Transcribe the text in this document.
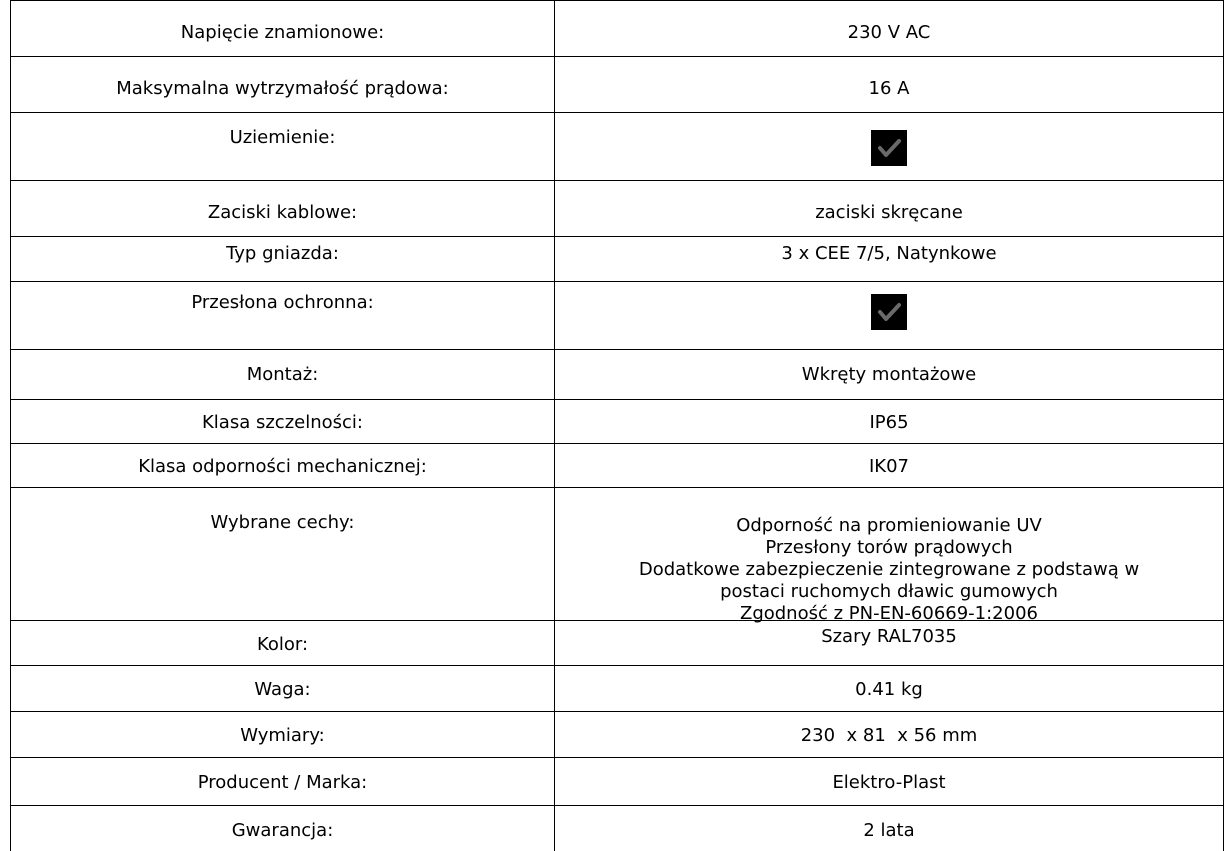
Napięcie znamionowe:	230 V AC
Maksymalna wytrzymałość prądowa:	16 A
Uziemienie:
Zaciski kablowe:	zaciski skręcane
Typ gniazda:	3 x CEE 7/5, Natynkowe
Przesłona ochronna:
Montaż:	Wkręty montażowe
Klasa szczelności:	IP65
Klasa odporności mechanicznej:	IK07
Wybrane cechy:	Odporność na promieniowanie UV
Przesłony torów prądowych
Dodatkowe zabezpieczenie zintegrowane z podstawą w
postaci ruchomych dławic gumowych
Zgodność z PN-EN-60669-1:2006
Kolor:	Szary RAL7035
Waga:	0.41 kg
Wymiary:	230  x 81  x 56 mm
Producent / Marka:	Elektro-Plast
Gwarancja:	2 lata
